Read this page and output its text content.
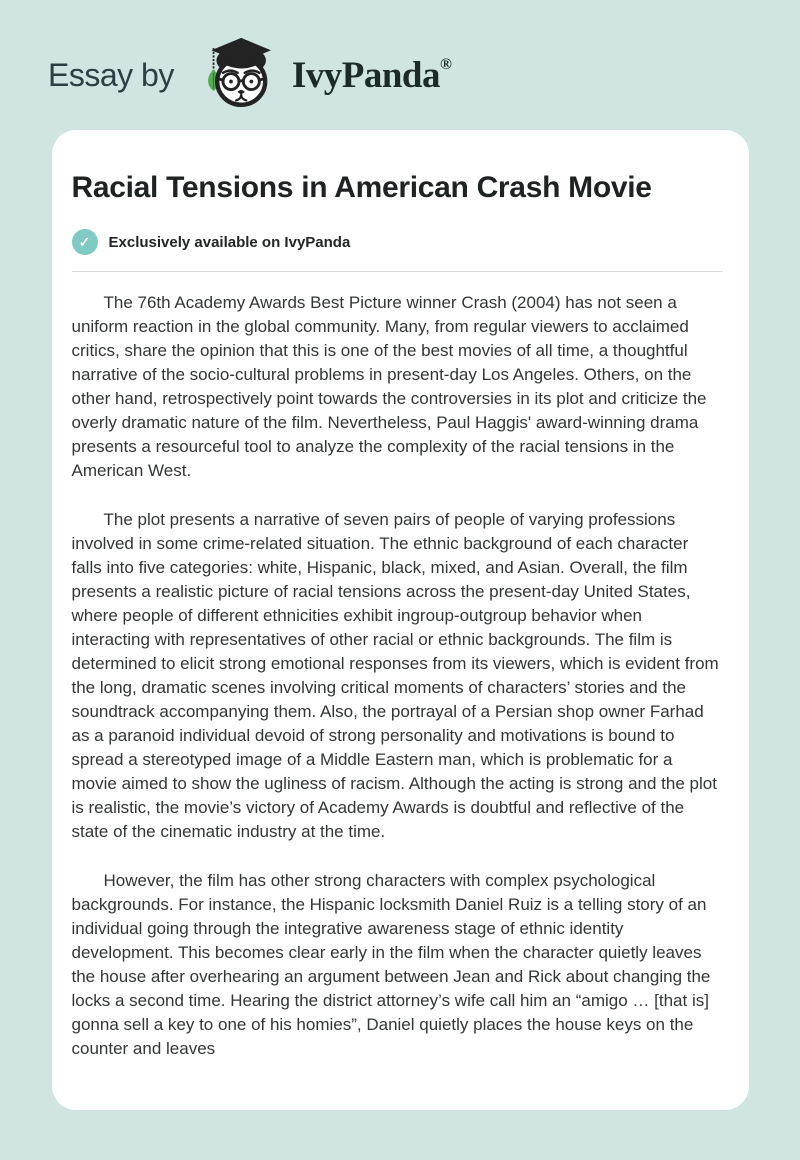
Essay by	IvyPanda®
Racial Tensions in American Crash Movie
✓	Exclusively available on IvyPanda

The 76th Academy Awards Best Picture winner Crash (2004) has not seen a uniform reaction in the global community. Many, from regular viewers to acclaimed critics, share the opinion that this is one of the best movies of all time, a thoughtful narrative of the socio-cultural problems in present-day Los Angeles. Others, on the other hand, retrospectively point towards the controversies in its plot and criticize the overly dramatic nature of the film. Nevertheless, Paul Haggis' award-winning drama presents a resourceful tool to analyze the complexity of the racial tensions in the American West.

The plot presents a narrative of seven pairs of people of varying professions involved in some crime-related situation. The ethnic background of each character falls into five categories: white, Hispanic, black, mixed, and Asian. Overall, the film presents a realistic picture of racial tensions across the present-day United States, where people of different ethnicities exhibit ingroup-outgroup behavior when interacting with representatives of other racial or ethnic backgrounds. The film is determined to elicit strong emotional responses from its viewers, which is evident from the long, dramatic scenes involving critical moments of characters’ stories and the soundtrack accompanying them. Also, the portrayal of a Persian shop owner Farhad as a paranoid individual devoid of strong personality and motivations is bound to spread a stereotyped image of a Middle Eastern man, which is problematic for a movie aimed to show the ugliness of racism. Although the acting is strong and the plot is realistic, the movie’s victory of Academy Awards is doubtful and reflective of the state of the cinematic industry at the time.

However, the film has other strong characters with complex psychological backgrounds. For instance, the Hispanic locksmith Daniel Ruiz is a telling story of an individual going through the integrative awareness stage of ethnic identity development. This becomes clear early in the film when the character quietly leaves the house after overhearing an argument between Jean and Rick about changing the locks a second time. Hearing the district attorney’s wife call him an “amigo … [that is] gonna sell a key to one of his homies”, Daniel quietly places the house keys on the counter and leaves
